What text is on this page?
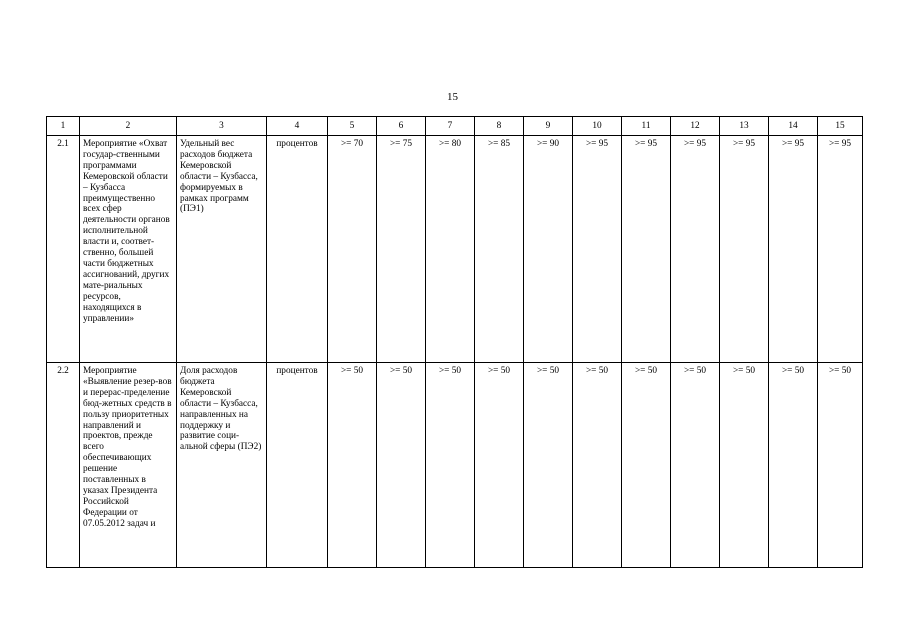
15
1	2	3	4	5	6	7	8	9	10	11	12	13	14	15
2.1	Мероприятие «Охват государ-ственными программами Кемеровской области – Кузбасса преимущественно всех сфер деятельности органов исполнительной власти и, соответ-ственно, большей части бюджетных ассигнований, других мате-риальных ресурсов, находящихся в управлении»	Удельный вес расходов бюджета Кемеровской области – Кузбасса, формируемых в рамках программ (ПЭ1)	процентов	>= 70	>= 75	>= 80	>= 85	>= 90	>= 95	>= 95	>= 95	>= 95	>= 95	>= 95
2.2	Мероприятие «Выявление резер-вов и перерас-пределение бюд-жетных средств в пользу приоритетных направлений и проектов, прежде всего обеспечивающих решение поставленных в указах Президента Российской Федерации от 07.05.2012 задач и	Доля расходов бюджета Кемеровской области – Кузбасса, направленных на поддержку и развитие соци-альной сферы (ПЭ2)	процентов	>= 50	>= 50	>= 50	>= 50	>= 50	>= 50	>= 50	>= 50	>= 50	>= 50	>= 50
